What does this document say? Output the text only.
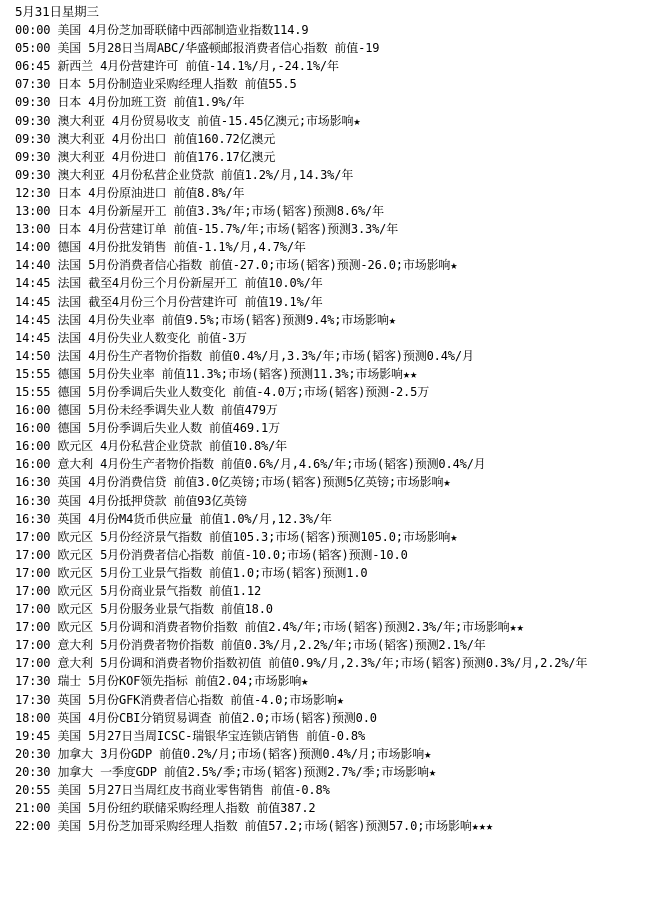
5月31日星期三
00:00 美国 4月份芝加哥联储中西部制造业指数114.9
05:00 美国 5月28日当周ABC/华盛顿邮报消费者信心指数 前值-19
06:45 新西兰 4月份营建许可 前值-14.1%/月,-24.1%/年
07:30 日本 5月份制造业采购经理人指数 前值55.5
09:30 日本 4月份加班工资 前值1.9%/年
09:30 澳大利亚 4月份贸易收支 前值-15.45亿澳元;市场影响★
09:30 澳大利亚 4月份出口 前值160.72亿澳元
09:30 澳大利亚 4月份进口 前值176.17亿澳元
09:30 澳大利亚 4月份私营企业贷款 前值1.2%/月,14.3%/年
12:30 日本 4月份原油进口 前值8.8%/年
13:00 日本 4月份新屋开工 前值3.3%/年;市场(韬客)预测8.6%/年
13:00 日本 4月份营建订单 前值-15.7%/年;市场(韬客)预测3.3%/年
14:00 德国 4月份批发销售 前值-1.1%/月,4.7%/年
14:40 法国 5月份消费者信心指数 前值-27.0;市场(韬客)预测-26.0;市场影响★
14:45 法国 截至4月份三个月份新屋开工 前值10.0%/年
14:45 法国 截至4月份三个月份营建许可 前值19.1%/年
14:45 法国 4月份失业率 前值9.5%;市场(韬客)预测9.4%;市场影响★
14:45 法国 4月份失业人数变化 前值-3万
14:50 法国 4月份生产者物价指数 前值0.4%/月,3.3%/年;市场(韬客)预测0.4%/月
15:55 德国 5月份失业率 前值11.3%;市场(韬客)预测11.3%;市场影响★★
15:55 德国 5月份季调后失业人数变化 前值-4.0万;市场(韬客)预测-2.5万
16:00 德国 5月份未经季调失业人数 前值479万
16:00 德国 5月份季调后失业人数 前值469.1万
16:00 欧元区 4月份私营企业贷款 前值10.8%/年
16:00 意大利 4月份生产者物价指数 前值0.6%/月,4.6%/年;市场(韬客)预测0.4%/月
16:30 英国 4月份消费信贷 前值3.0亿英镑;市场(韬客)预测5亿英镑;市场影响★
16:30 英国 4月份抵押贷款 前值93亿英镑
16:30 英国 4月份M4货币供应量 前值1.0%/月,12.3%/年
17:00 欧元区 5月份经济景气指数 前值105.3;市场(韬客)预测105.0;市场影响★
17:00 欧元区 5月份消费者信心指数 前值-10.0;市场(韬客)预测-10.0
17:00 欧元区 5月份工业景气指数 前值1.0;市场(韬客)预测1.0
17:00 欧元区 5月份商业景气指数 前值1.12
17:00 欧元区 5月份服务业景气指数 前值18.0
17:00 欧元区 5月份调和消费者物价指数 前值2.4%/年;市场(韬客)预测2.3%/年;市场影响★★
17:00 意大利 5月份消费者物价指数 前值0.3%/月,2.2%/年;市场(韬客)预测2.1%/年
17:00 意大利 5月份调和消费者物价指数初值 前值0.9%/月,2.3%/年;市场(韬客)预测0.3%/月,2.2%/年
17:30 瑞士 5月份KOF领先指标 前值2.04;市场影响★
17:30 英国 5月份GFK消费者信心指数 前值-4.0;市场影响★
18:00 英国 4月份CBI分销贸易调查 前值2.0;市场(韬客)预测0.0
19:45 美国 5月27日当周ICSC-瑞银华宝连锁店销售 前值-0.8%
20:30 加拿大 3月份GDP 前值0.2%/月;市场(韬客)预测0.4%/月;市场影响★
20:30 加拿大 一季度GDP 前值2.5%/季;市场(韬客)预测2.7%/季;市场影响★
20:55 美国 5月27日当周红皮书商业零售销售 前值-0.8%
21:00 美国 5月份纽约联储采购经理人指数 前值387.2
22:00 美国 5月份芝加哥采购经理人指数 前值57.2;市场(韬客)预测57.0;市场影响★★★
